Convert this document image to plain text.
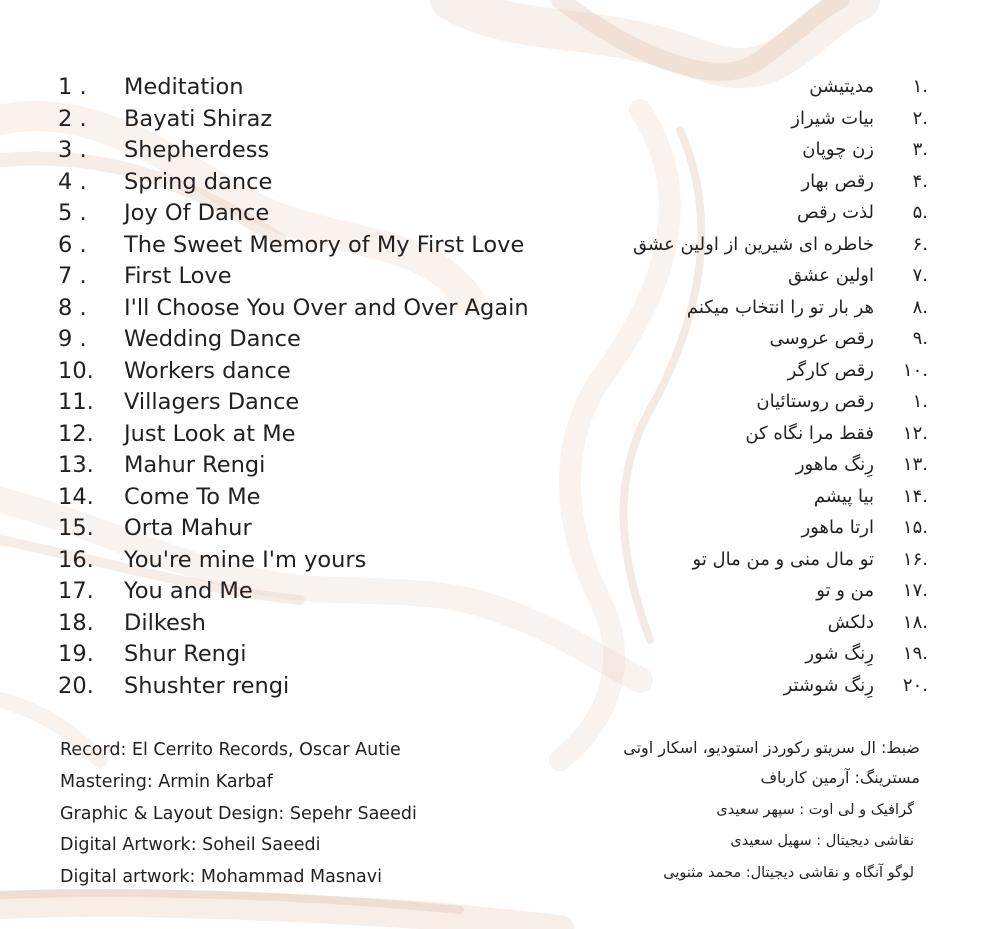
1 . Meditation
2 . Bayati Shiraz
3 . Shepherdess
4 . Spring dance
5 . Joy Of Dance
6 . The Sweet Memory of My First Love
7 . First Love
8 . I'll Choose You Over and Over Again
9 . Wedding Dance
10. Workers dance
11. Villagers Dance
12. Just Look at Me
13. Mahur Rengi
14. Come To Me
15. Orta Mahur
16. You're mine I'm yours
17. You and Me
18. Dilkesh
19. Shur Rengi
20. Shushter rengi
.۱مدیتیشن
.۲بیات شیراز
.۳زن چوپان
.۴رقص بهار
.۵لذت رقص
.۶خاطره ای شیرین از اولین عشق
.۷اولین عشق
.۸هر بار تو را انتخاب میکنم
.۹رقص عروسی
.۱۰رقص کارگر
.۱رقص روستائیان
.۱۲فقط مرا نگاه کن
.۱۳رِنگ ماهور
.۱۴بیا پیشم
.۱۵ارتا ماهور
.۱۶تو مال منی و من مال تو
.۱۷من و تو
.۱۸دلکش
.۱۹رِنگ شور
.۲۰رِنگ شوشتر
Record: El Cerrito Records, Oscar Autie
Mastering: Armin Karbaf
Graphic & Layout Design: Sepehr Saeedi
Digital Artwork: Soheil Saeedi
Digital artwork: Mohammad Masnavi
ضبط: ال سریتو رکوردز استودیو، اسکار اوتی
مسترینگ: آرمین کارباف
گرافیک و لی اوت : سپهر سعیدی
نقاشی دیجیتال : سهیل سعیدی
لوگو آنگاه و نقاشی دیجیتال: محمد مثنویی
